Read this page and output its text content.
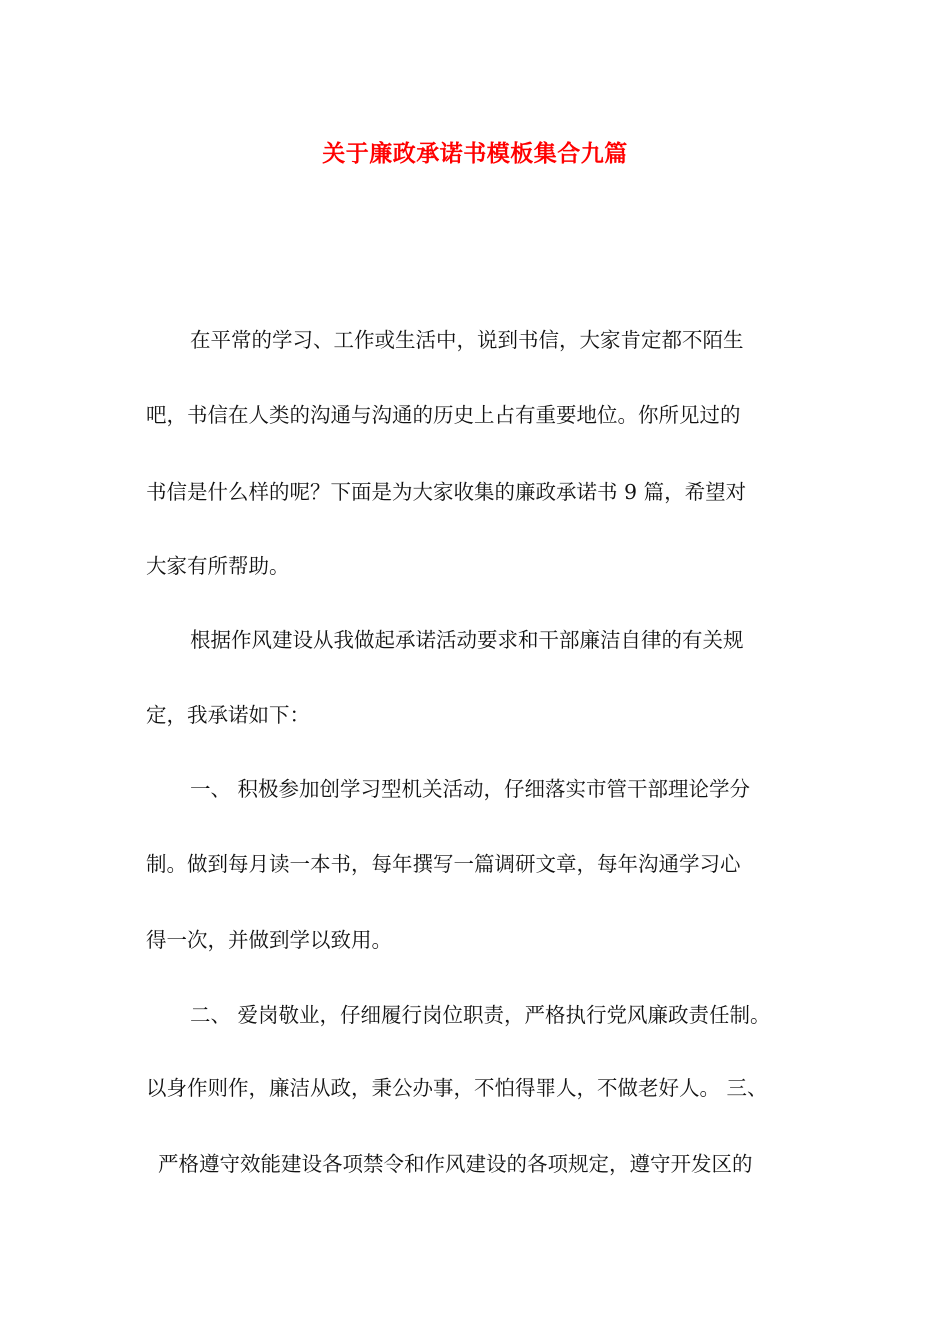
关于廉政承诺书模板集合九篇
在平常的学习、工作或生活中，说到书信，大家肯定都不陌生
吧，书信在人类的沟通与沟通的历史上占有重要地位。你所见过的
书信是什么样的呢？下面是为大家收集的廉政承诺书 9 篇，希望对
大家有所帮助。
根据作风建设从我做起承诺活动要求和干部廉洁自律的有关规
定，我承诺如下：
一、 积极参加创学习型机关活动，仔细落实市管干部理论学分
制。做到每月读一本书，每年撰写一篇调研文章，每年沟通学习心
得一次，并做到学以致用。
二、 爱岗敬业，仔细履行岗位职责，严格执行党风廉政责任制。
以身作则作，廉洁从政，秉公办事，不怕得罪人，不做老好人。 三、
严格遵守效能建设各项禁令和作风建设的各项规定，遵守开发区的
